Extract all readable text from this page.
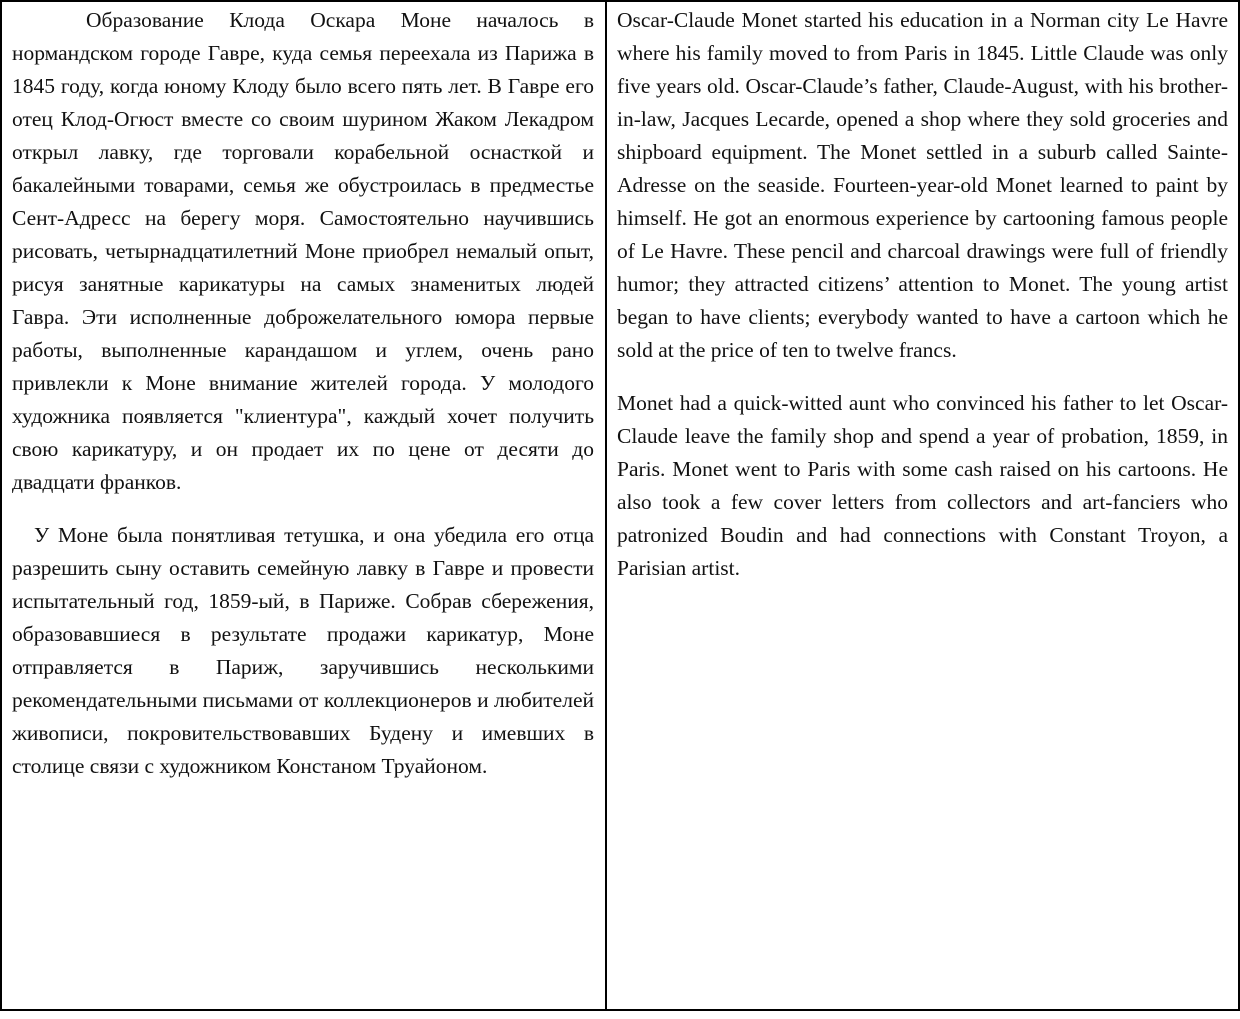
Образование Клода Оскара Моне началось в нормандском городе Гавре, куда семья переехала из Парижа в 1845 году, когда юному Клоду было всего пять лет. В Гавре его отец Клод-Огюст вместе со своим шурином Жаком Лекадром открыл лавку, где торговали корабельной оснасткой и бакалейными товарами, семья же обустроилась в предместье Сент-Адресс на берегу моря. Самостоятельно научившись рисовать, четырнадцатилетний Моне приобрел немалый опыт, рисуя занятные карикатуры на самых знаменитых людей Гавра. Эти исполненные доброжелательного юмора первые работы, выполненные карандашом и углем, очень рано привлекли к Моне внимание жителей города. У молодого художника появляется "клиентура", каждый хочет получить свою карикатуру, и он продает их по цене от десяти до двадцати франков.

У Моне была понятливая тетушка, и она убедила его отца разрешить сыну оставить семейную лавку в Гавре и провести испытательный год, 1859-ый, в Париже. Собрав сбережения, образовавшиеся в результате продажи карикатур, Моне отправляется в Париж, заручившись несколькими рекомендательными письмами от коллекционеров и любителей живописи, покровительствовавших Будену и имевших в столице связи с художником Констаном Труайоном.

Oscar-Claude Monet started his education in a Norman city Le Havre where his family moved to from Paris in 1845. Little Claude was only five years old. Oscar-Claude’s father, Claude-August, with his brother-in-law, Jacques Lecarde, opened a shop where they sold groceries and shipboard equipment. The Monet settled in a suburb called Sainte-Adresse on the seaside. Fourteen-year-old Monet learned to paint by himself. He got an enormous experience by cartooning famous people of Le Havre. These pencil and charcoal drawings were full of friendly humor; they attracted citizens’ attention to Monet. The young artist began to have clients; everybody wanted to have a cartoon which he sold at the price of ten to twelve francs.

Monet had a quick-witted aunt who convinced his father to let Oscar-Claude leave the family shop and spend a year of probation, 1859, in Paris. Monet went to Paris with some cash raised on his cartoons. He also took a few cover letters from collectors and art-fanciers who patronized Boudin and had connections with Constant Troyon, a Parisian artist.
